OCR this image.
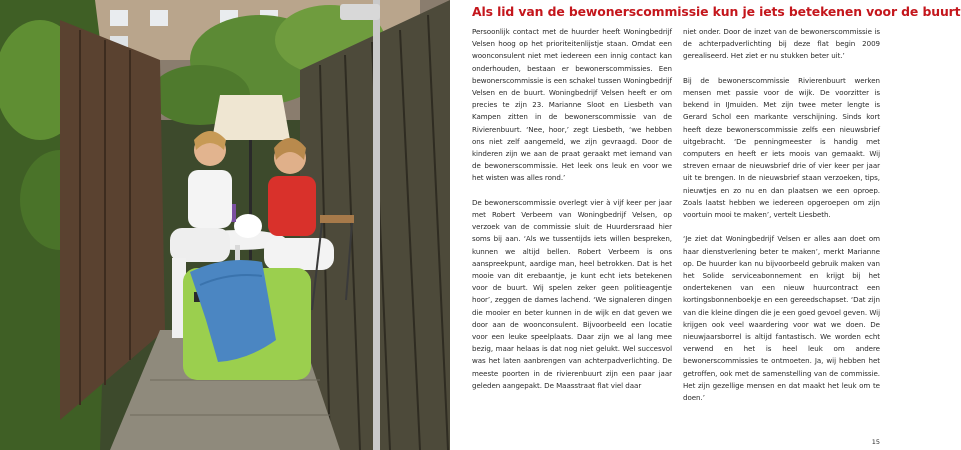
Als lid van de bewonerscommissie kun je iets betekenen voor de buurt

Persoonlijk contact met de huurder heeft Woningbedrijf Velsen hoog op het prioriteitenlijstje staan. Omdat een woonconsulent niet met iedereen een innig contact kan onderhouden, bestaan er bewonerscommissies. Een bewonerscommissie is een schakel tussen Woningbedrijf Velsen en de buurt. Woningbedrijf Velsen heeft er om precies te zijn 23. Marianne Sloot en Liesbeth van Kampen zitten in de bewonerscommissie van de Rivierenbuurt. ‘Nee, hoor,’ zegt Liesbeth, ‘we hebben ons niet zelf aangemeld, we zijn gevraagd. Door de kinderen zijn we aan de praat geraakt met iemand van de bewonerscommissie. Het leek ons leuk en voor we het wisten was alles rond.’

De bewonerscommissie overlegt vier à vijf keer per jaar met Robert Verbeem van Woningbedrijf Velsen, op verzoek van de commissie sluit de Huurdersraad hier soms bij aan. ‘Als we tussentijds iets willen bespreken, kunnen we altijd bellen. Robert Verbeem is ons aanspreekpunt, aardige man, heel betrokken. Dat is het mooie van dit erebaantje, je kunt echt iets betekenen voor de buurt. Wij spelen zeker geen politieagentje hoor’, zeggen de dames lachend. ‘We signaleren dingen die mooier en beter kunnen in de wijk en dat geven we door aan de woonconsulent. Bijvoorbeeld een locatie voor een leuke speelplaats. Daar zijn we al lang mee bezig, maar helaas is dat nog niet gelukt. Wel succesvol was het laten aanbrengen van achterpadverlichting. De meeste poorten in de rivierenbuurt zijn een paar jaar geleden aangepakt. De Maasstraat flat viel daar

niet onder. Door de inzet van de bewonerscommissie is de achterpadverlichting bij deze flat begin 2009 gerealiseerd. Het ziet er nu stukken beter uit.’

Bij de bewonerscommissie Rivierenbuurt werken mensen met passie voor de wijk. De voorzitter is bekend in IJmuiden. Met zijn twee meter lengte is Gerard Schol een markante verschijning. Sinds kort heeft deze bewonerscommissie zelfs een nieuwsbrief uitgebracht. ‘De penningmeester is handig met computers en heeft er iets moois van gemaakt. Wij streven ernaar de nieuwsbrief drie of vier keer per jaar uit te brengen. In de nieuwsbrief staan verzoeken, tips, nieuwtjes en zo nu en dan plaatsen we een oproep. Zoals laatst hebben we iedereen opgeroepen om zijn voortuin mooi te maken’, vertelt Liesbeth.

‘Je ziet dat Woningbedrijf Velsen er alles aan doet om haar dienstverlening beter te maken’, merkt Marianne op. De huurder kan nu bijvoorbeeld gebruik maken van het Solide serviceabonnement en krijgt bij het ondertekenen van een nieuw huurcontract een kortingsbonnenboekje en een gereedschapset. ‘Dat zijn van die kleine dingen die je een goed gevoel geven. Wij krijgen ook veel waardering voor wat we doen. De nieuwjaarsborrel is altijd fantastisch. We worden echt verwend en het is heel leuk om andere bewonerscommissies te ontmoeten. Ja, wij hebben het getroffen, ook met de samenstelling van de commissie. Het zijn gezellige mensen en dat maakt het leuk om te doen.’

15
